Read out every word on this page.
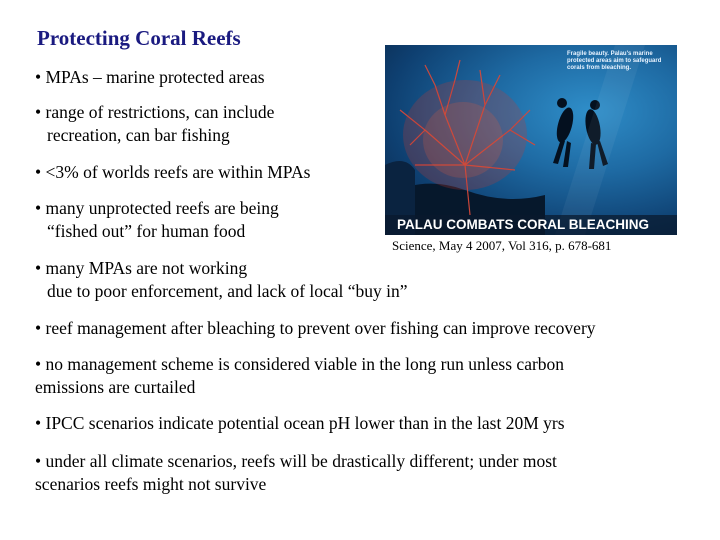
Protecting Coral Reefs
• MPAs – marine protected areas
• range of restrictions, can include
recreation, can bar fishing
• <3% of worlds reefs are within MPAs
• many unprotected reefs are being
“fished out” for human food
• many MPAs are not working
due to poor enforcement, and lack of local “buy in”
• reef management after bleaching to prevent over fishing can improve recovery
• no management scheme is considered viable in the long run unless carbon
emissions are curtailed
• IPCC scenarios indicate potential ocean pH lower than in the last 20M yrs
• under all climate scenarios, reefs will be drastically different; under most
scenarios reefs might not survive
Fragile beauty. Palau's marine protected areas aim to safeguard corals from bleaching.
PALAU COMBATS CORAL BLEACHING
Science, May 4 2007, Vol 316, p. 678-681
